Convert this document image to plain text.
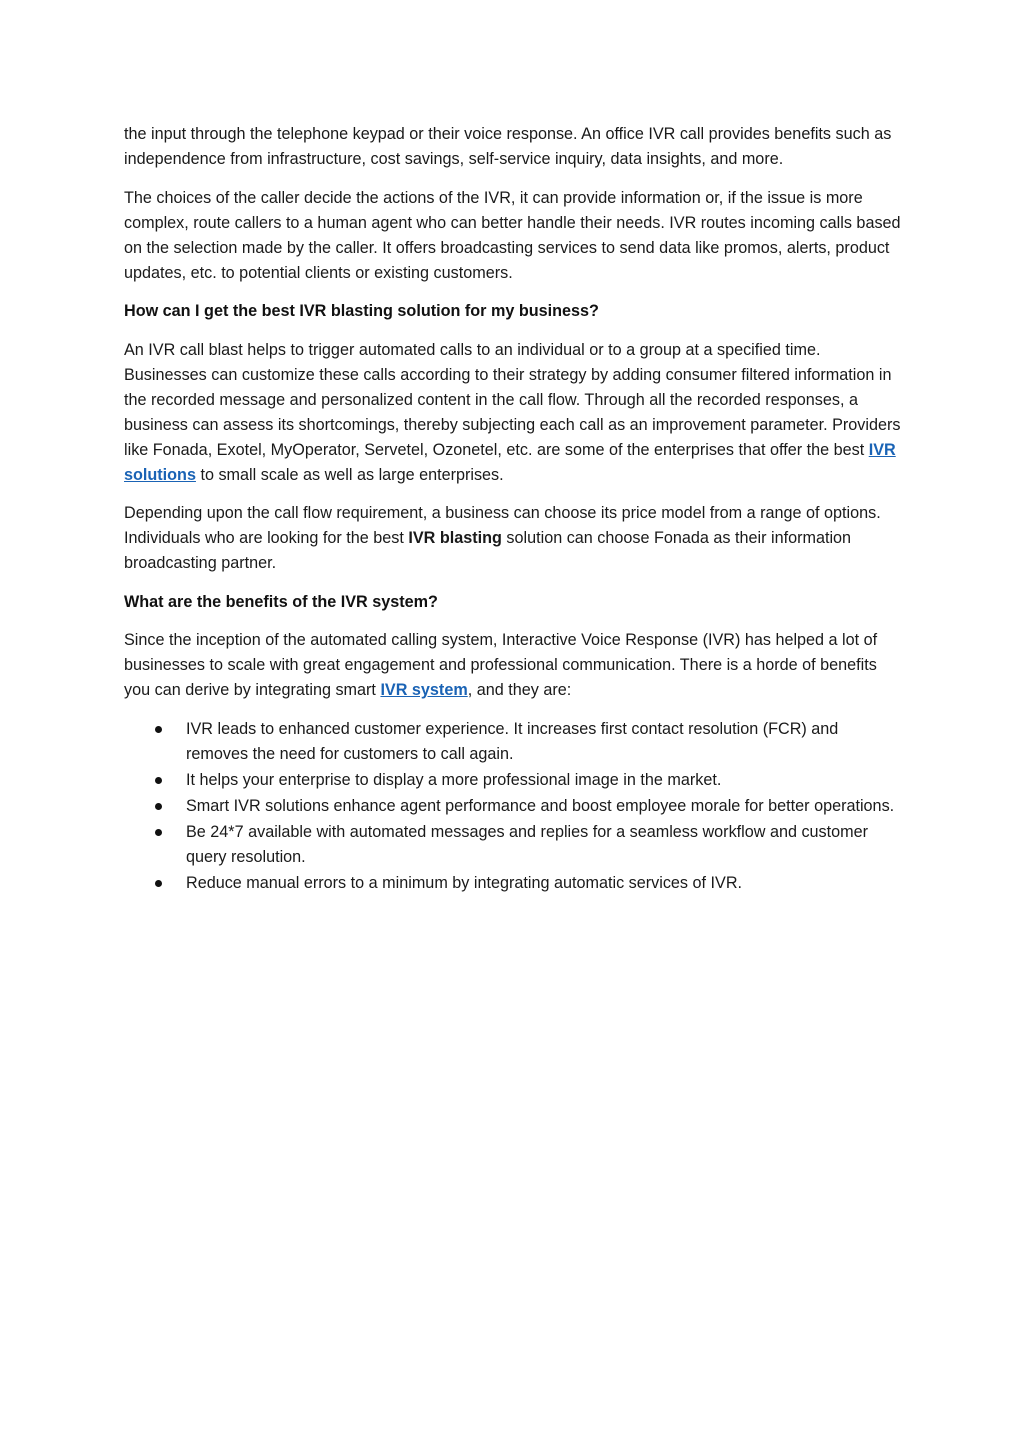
the input through the telephone keypad or their voice response. An office IVR call provides benefits such as independence from infrastructure, cost savings, self-service inquiry, data insights, and more.

The choices of the caller decide the actions of the IVR, it can provide information or, if the issue is more complex, route callers to a human agent who can better handle their needs. IVR routes incoming calls based on the selection made by the caller. It offers broadcasting services to send data like promos, alerts, product updates, etc. to potential clients or existing customers.

How can I get the best IVR blasting solution for my business?

An IVR call blast helps to trigger automated calls to an individual or to a group at a specified time. Businesses can customize these calls according to their strategy by adding consumer filtered information in the recorded message and personalized content in the call flow. Through all the recorded responses, a business can assess its shortcomings, thereby subjecting each call as an improvement parameter. Providers like Fonada, Exotel, MyOperator, Servetel, Ozonetel, etc. are some of the enterprises that offer the best IVR solutions to small scale as well as large enterprises.

Depending upon the call flow requirement, a business can choose its price model from a range of options. Individuals who are looking for the best IVR blasting solution can choose Fonada as their information broadcasting partner.

What are the benefits of the IVR system?

Since the inception of the automated calling system, Interactive Voice Response (IVR) has helped a lot of businesses to scale with great engagement and professional communication. There is a horde of benefits you can derive by integrating smart IVR system, and they are:

IVR leads to enhanced customer experience. It increases first contact resolution (FCR) and removes the need for customers to call again.
It helps your enterprise to display a more professional image in the market.
Smart IVR solutions enhance agent performance and boost employee morale for better operations.
Be 24*7 available with automated messages and replies for a seamless workflow and customer query resolution.
Reduce manual errors to a minimum by integrating automatic services of IVR.
